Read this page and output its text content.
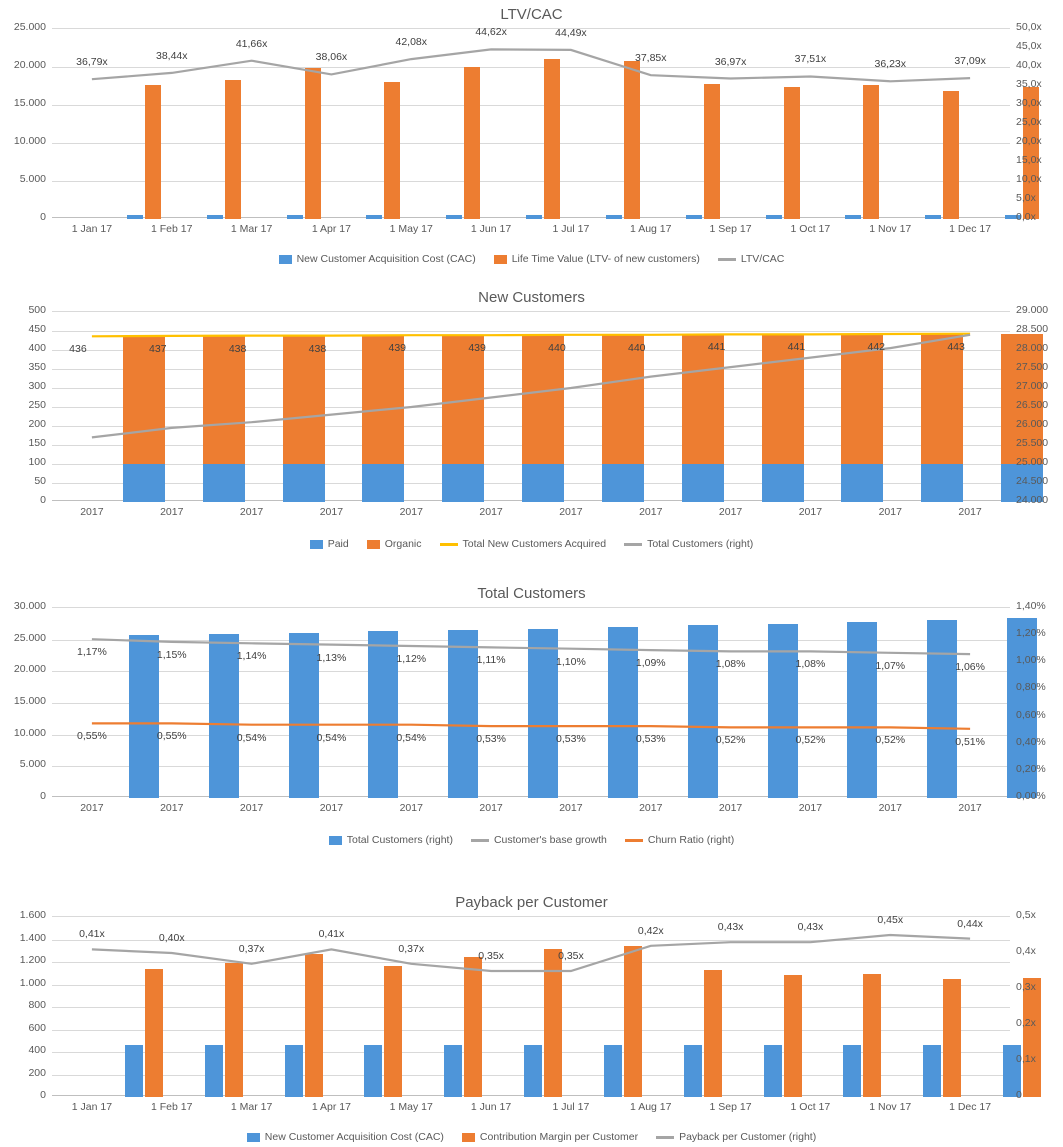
LTV/CAC
0
5.000
10.000
15.000
20.000
25.000
0,0x
5,0x
10,0x
15,0x
20,0x
25,0x
30,0x
35,0x
40,0x
45,0x
50,0x
1 Jan 17	1 Feb 17	1 Mar 17	1 Apr 17	1 May 17	1 Jun 17	1 Jul 17	1 Aug 17	1 Sep 17	1 Oct 17	1 Nov 17	1 Dec 17
36,79x
38,44x
41,66x
38,06x
42,08x
44,62x	44,49x
37,85x	36,97x	37,51x	36,23x	37,09x
New Customer Acquisition Cost (CAC)	Life Time Value (LTV- of new customers)	LTV/CAC
New Customers
0
50
100
150
200
250
300
350
400
450
500
24.000
24.500
25.000
25.500
26.000
26.500
27.000
27.500
28.000
28.500
29.000
2017	2017	2017	2017	2017	2017	2017	2017	2017	2017	2017	2017
436	437	438	438	439	439	440	440	441	441	442	443
Paid	Organic	Total New Customers Acquired	Total Customers (right)
Total Customers
0
5.000
10.000
15.000
20.000
25.000
30.000
0,00%
0,20%
0,40%
0,60%
0,80%
1,00%
1,20%
1,40%
2017	2017	2017	2017	2017	2017	2017	2017	2017	2017	2017	2017
1,17%	1,15%	1,14%	1,13%	1,12%	1,11%	1,10%	1,09%	1,08%	1,08%	1,07%	1,06%
0,55%	0,55%	0,54%	0,54%	0,54%	0,53%	0,53%	0,53%	0,52%	0,52%	0,52%	0,51%
Total Customers (right)	Customer's base growth	Churn Ratio (right)
Payback per Customer
0
200
400
600
800
1.000
1.200
1.400
1.600
0
0,1x
0,2x
0,3x
0,4x
0,5x
1 Jan 17	1 Feb 17	1 Mar 17	1 Apr 17	1 May 17	1 Jun 17	1 Jul 17	1 Aug 17	1 Sep 17	1 Oct 17	1 Nov 17	1 Dec 17
0,41x	0,40x
0,37x
0,41x
0,37x
0,35x	0,35x
0,42x	0,43x	0,43x
0,45x	0,44x
New Customer Acquisition Cost (CAC)	Contribution Margin per Customer	Payback per Customer (right)
